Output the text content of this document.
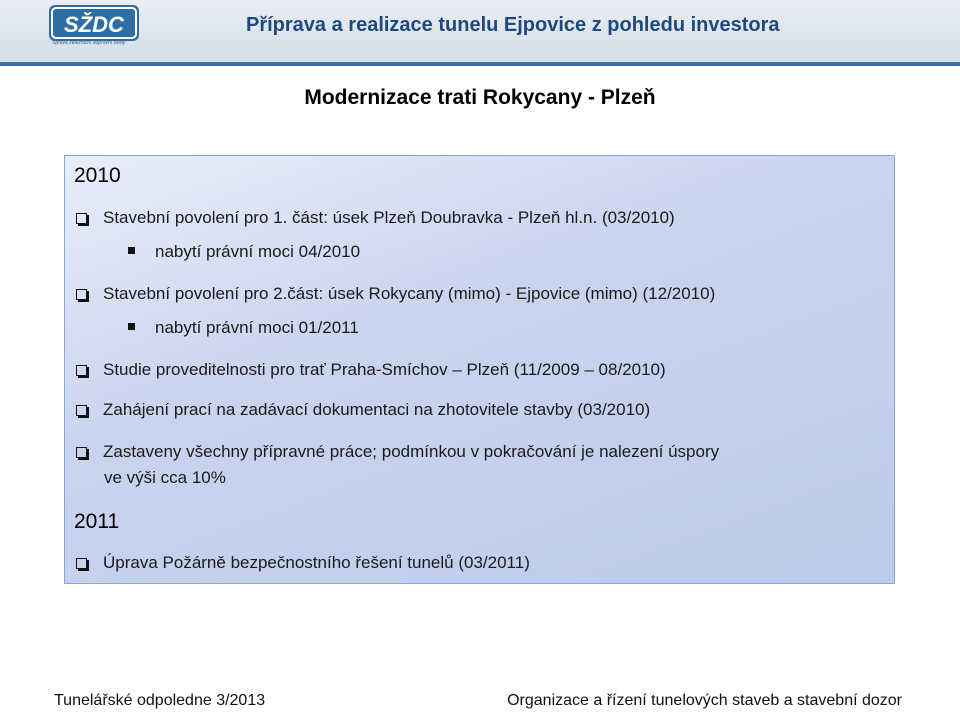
SŽDC
Správa železniční dopravní cesty
Příprava a realizace tunelu Ejpovice z pohledu investora
Modernizace trati Rokycany - Plzeň
2010
Stavební povolení pro 1. část: úsek Plzeň Doubravka - Plzeň hl.n. (03/2010)
nabytí právní moci 04/2010
Stavební povolení pro 2.část: úsek Rokycany (mimo) - Ejpovice (mimo) (12/2010)
nabytí právní moci 01/2011
Studie proveditelnosti pro trať Praha-Smíchov – Plzeň (11/2009 – 08/2010)
Zahájení prací na zadávací dokumentaci na zhotovitele stavby (03/2010)
Zastaveny všechny přípravné práce; podmínkou v pokračování je nalezení úspory
ve výši cca 10%
2011
Úprava Požárně bezpečnostního řešení tunelů (03/2011)
Tunelářské odpoledne 3/2013	Organizace a řízení tunelových staveb a stavební dozor
